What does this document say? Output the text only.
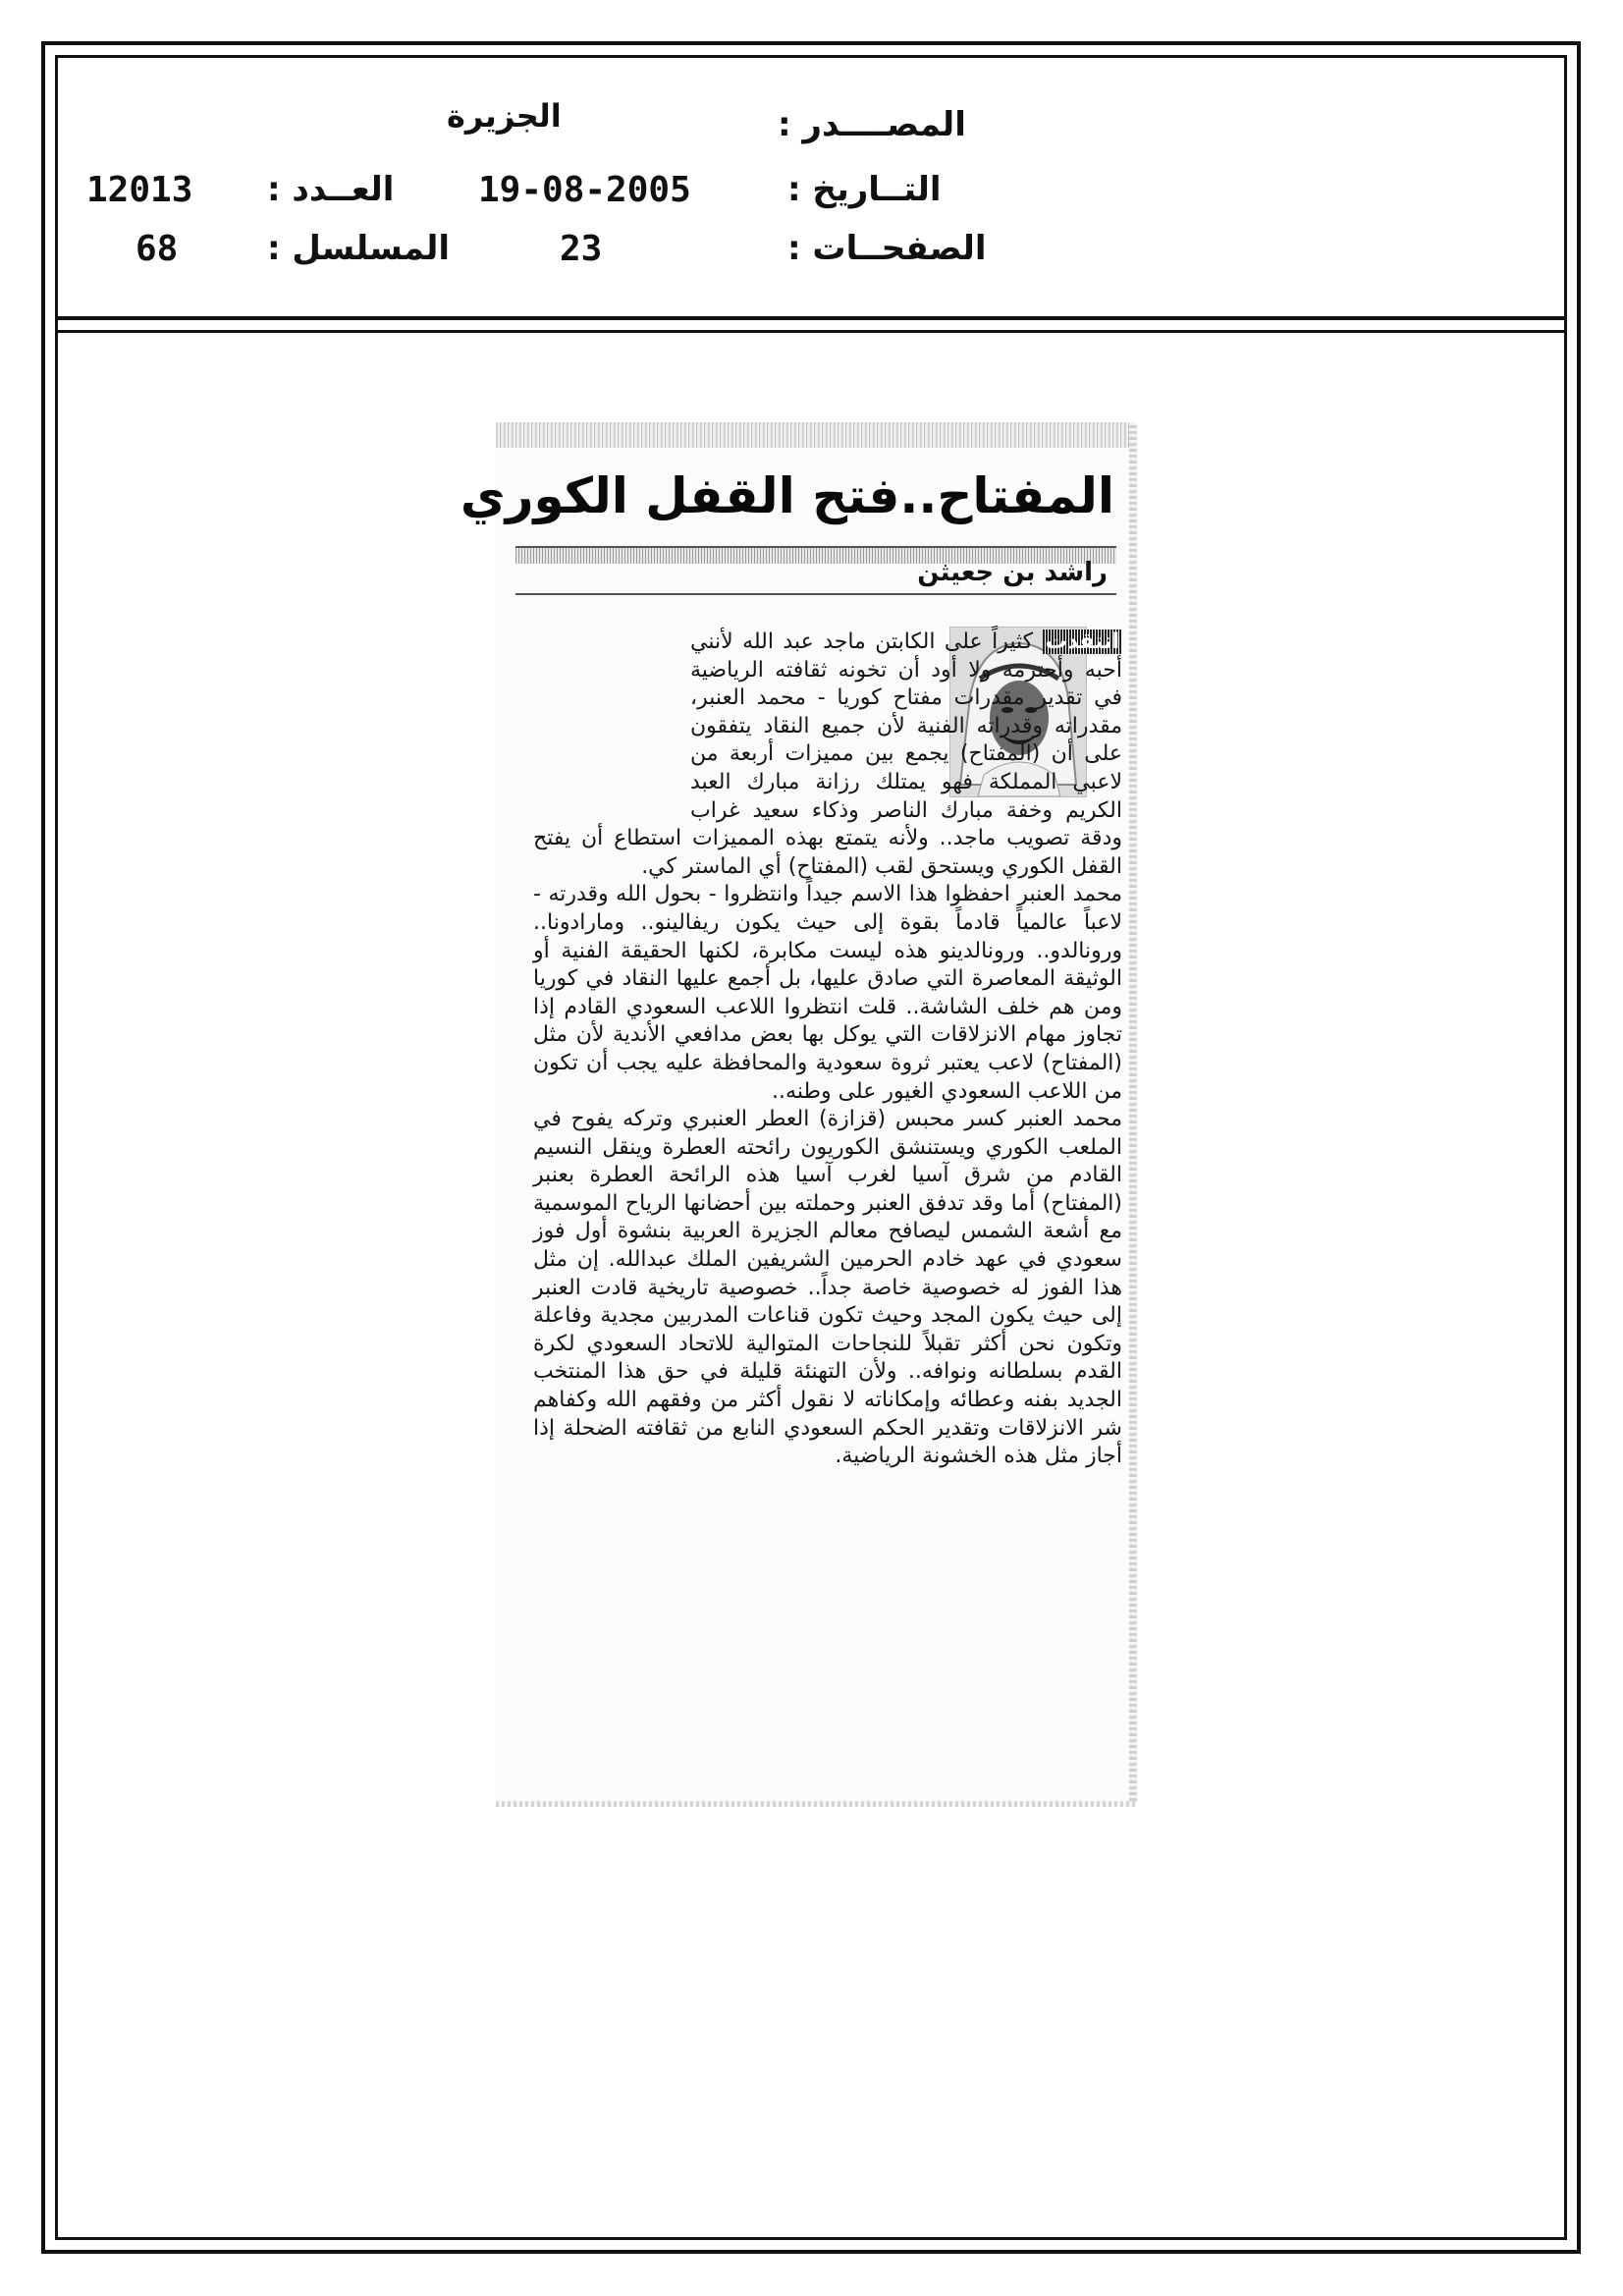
الجزيرة	المصــــدر :
12013 العــدد : 19-08-2005	التــاريخ :
68	المسلسل :	23	الصفحــات :
المفتاح..فتح القفل الكوري
راشد بن جعيثن

انتقدت كثيراً على الكابتن ماجد عبد الله لأنني أحبه وأحترمه ولا أود أن تخونه ثقافته الرياضية في تقدير مقدرات مفتاح كوريا - محمد العنبر، مقدراته وقدراته الفنية لأن جميع النقاد يتفقون على أن (المفتاح) يجمع بين مميزات أربعة من لاعبي المملكة فهو يمتلك رزانة مبارك العبد الكريم وخفة مبارك الناصر وذكاء سعيد غراب ودقة تصويب ماجد.. ولأنه يتمتع بهذه المميزات استطاع أن يفتح القفل الكوري ويستحق لقب (المفتاح) أي الماستر كي.

محمد العنبر احفظوا هذا الاسم جيداً وانتظروا - بحول الله وقدرته - لاعباً عالمياً قادماً بقوة إلى حيث يكون ريفالينو.. ومارادونا.. ورونالدو.. ورونالدينو هذه ليست مكابرة، لكنها الحقيقة الفنية أو الوثيقة المعاصرة التي صادق عليها، بل أجمع عليها النقاد في كوريا ومن هم خلف الشاشة.. قلت انتظروا اللاعب السعودي القادم إذا تجاوز مهام الانزلاقات التي يوكل بها بعض مدافعي الأندية لأن مثل (المفتاح) لاعب يعتبر ثروة سعودية والمحافظة عليه يجب أن تكون من اللاعب السعودي الغيور على وطنه..

محمد العنبر كسر محبس (قزازة) العطر العنبري وتركه يفوح في الملعب الكوري ويستنشق الكوريون رائحته العطرة وينقل النسيم القادم من شرق آسيا لغرب آسيا هذه الرائحة العطرة بعنبر (المفتاح) أما وقد تدفق العنبر وحملته بين أحضانها الرياح الموسمية مع أشعة الشمس ليصافح معالم الجزيرة العربية بنشوة أول فوز سعودي في عهد خادم الحرمين الشريفين الملك عبدالله. إن مثل هذا الفوز له خصوصية خاصة جداً.. خصوصية تاريخية قادت العنبر إلى حيث يكون المجد وحيث تكون قناعات المدربين مجدية وفاعلة وتكون نحن أكثر تقبلاً للنجاحات المتوالية للاتحاد السعودي لكرة القدم بسلطانه ونوافه.. ولأن التهنئة قليلة في حق هذا المنتخب الجديد بفنه وعطائه وإمكاناته لا نقول أكثر من وفقهم الله وكفاهم شر الانزلاقات وتقدير الحكم السعودي النابع من ثقافته الضحلة إذا أجاز مثل هذه الخشونة الرياضية.
